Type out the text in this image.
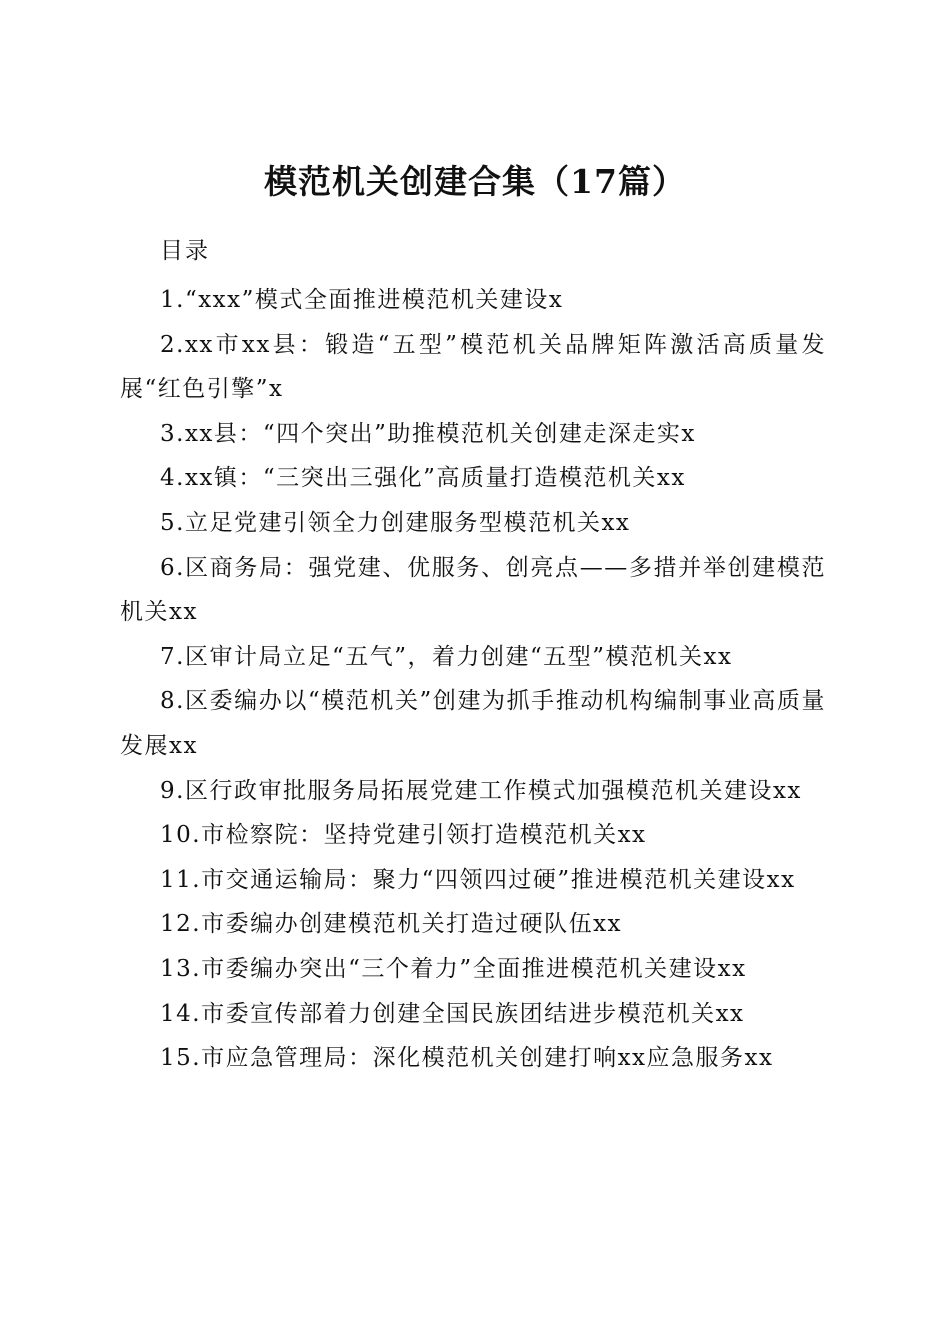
模范机关创建合集（17篇）
目录
1.“xxx”模式全面推进模范机关建设x
2.xx市xx县：锻造“五型”模范机关品牌矩阵激活高质量发展“红色引擎”x
3.xx县：“四个突出”助推模范机关创建走深走实x
4.xx镇：“三突出三强化”高质量打造模范机关xx
5.立足党建引领全力创建服务型模范机关xx
6.区商务局：强党建、优服务、创亮点——多措并举创建模范机关xx
7.区审计局立足“五气”，着力创建“五型”模范机关xx
8.区委编办以“模范机关”创建为抓手推动机构编制事业高质量发展xx
9.区行政审批服务局拓展党建工作模式加强模范机关建设xx
10.市检察院：坚持党建引领打造模范机关xx
11.市交通运输局：聚力“四领四过硬”推进模范机关建设xx
12.市委编办创建模范机关打造过硬队伍xx
13.市委编办突出“三个着力”全面推进模范机关建设xx
14.市委宣传部着力创建全国民族团结进步模范机关xx
15.市应急管理局：深化模范机关创建打响xx应急服务xx
